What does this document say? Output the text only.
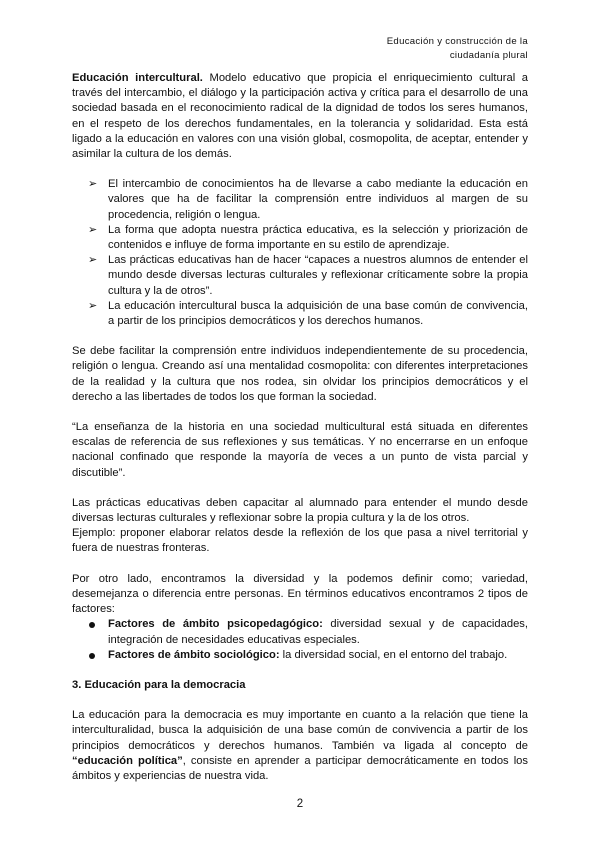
Educación y construcción de la
ciudadanía plural

Educación intercultural. Modelo educativo que propicia el enriquecimiento cultural a través del intercambio, el diálogo y la participación activa y crítica para el desarrollo de una sociedad basada en el reconocimiento radical de la dignidad de todos los seres humanos, en el respeto de los derechos fundamentales, en la tolerancia y solidaridad. Esta está ligado a la educación en valores con una visión global, cosmopolita, de aceptar, entender y asimilar la cultura de los demás.

➢ El intercambio de conocimientos ha de llevarse a cabo mediante la educación en valores que ha de facilitar la comprensión entre individuos al margen de su procedencia, religión o lengua.
➢ La forma que adopta nuestra práctica educativa, es la selección y priorización de contenidos e influye de forma importante en su estilo de aprendizaje.
➢ Las prácticas educativas han de hacer “capaces a nuestros alumnos de entender el mundo desde diversas lecturas culturales y reflexionar críticamente sobre la propia cultura y la de otros”.
➢ La educación intercultural busca la adquisición de una base común de convivencia, a partir de los principios democráticos y los derechos humanos.

Se debe facilitar la comprensión entre individuos independientemente de su procedencia, religión o lengua. Creando así una mentalidad cosmopolita: con diferentes interpretaciones de la realidad y la cultura que nos rodea, sin olvidar los principios democráticos y el derecho a las libertades de todos los que forman la sociedad.

“La enseñanza de la historia en una sociedad multicultural está situada en diferentes escalas de referencia de sus reflexiones y sus temáticas. Y no encerrarse en un enfoque nacional confinado que responde la mayoría de veces a un punto de vista parcial y discutible”.

Las prácticas educativas deben capacitar al alumnado para entender el mundo desde diversas lecturas culturales y reflexionar sobre la propia cultura y la de los otros.

Ejemplo: proponer elaborar relatos desde la reflexión de los que pasa a nivel territorial y fuera de nuestras fronteras.

Por otro lado, encontramos la diversidad y la podemos definir como; variedad, desemejanza o diferencia entre personas. En términos educativos encontramos 2 tipos de factores:

Factores de ámbito psicopedagógico: diversidad sexual y de capacidades, integración de necesidades educativas especiales.
Factores de ámbito sociológico: la diversidad social, en el entorno del trabajo.

3. Educación para la democracia

La educación para la democracia es muy importante en cuanto a la relación que tiene la interculturalidad, busca la adquisición de una base común de convivencia a partir de los principios democráticos y derechos humanos. También va ligada al concepto de “educación política”, consiste en aprender a participar democráticamente en todos los ámbitos y experiencias de nuestra vida.

2
